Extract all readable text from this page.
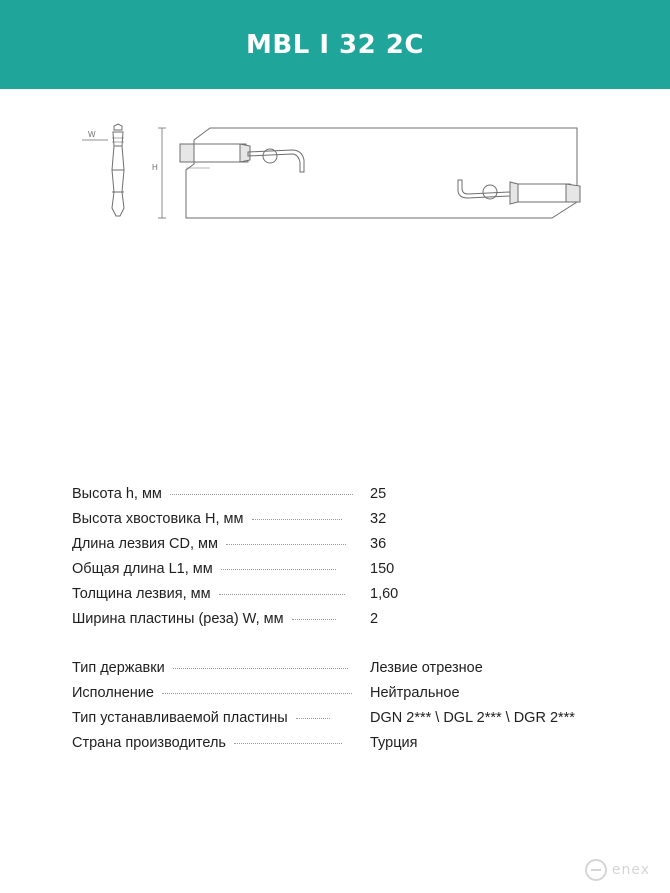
MBL I 32 2C
W
H
Высота h, мм	25
Высота хвостовика H, мм	32
Длина лезвия CD, мм	36
Общая длина L1, мм	150
Толщина лезвия, мм	1,60
Ширина пластины (реза) W, мм	2
Тип державки	Лезвие отрезное
Исполнение	Нейтральное
Тип устанавливаемой пластины	DGN 2*** \ DGL 2*** \ DGR 2***
Страна производитель	Турция
enex
